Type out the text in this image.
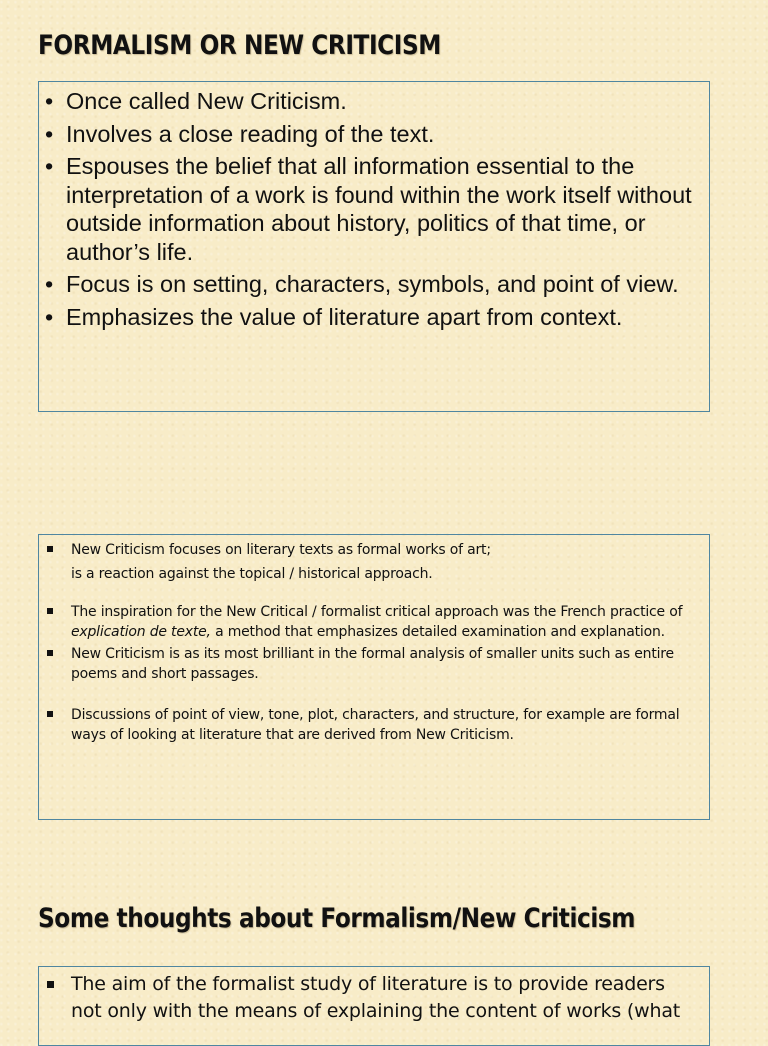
FORMALISM OR NEW CRITICISM
• Once called New Criticism.
• Involves a close reading of the text.
• Espouses the belief that all information essential to the interpretation of a work is found within the work itself without outside information about history, politics of that time, or author’s life.
• Focus is on setting, characters, symbols, and point of view.
• Emphasizes the value of literature apart from context.
New Criticism focuses on literary texts as formal works of art;
is a reaction against the topical / historical approach.
The inspiration for the New Critical / formalist critical approach was the French practice of explication de texte, a method that emphasizes detailed examination and explanation.
New Criticism is as its most brilliant in the formal analysis of smaller units such as entire poems and short passages.
Discussions of point of view, tone, plot, characters, and structure, for example are formal ways of looking at literature that are derived from New Criticism.
Some thoughts about Formalism/New Criticism
The aim of the formalist study of literature is to provide readers not only with the means of explaining the content of works (what
